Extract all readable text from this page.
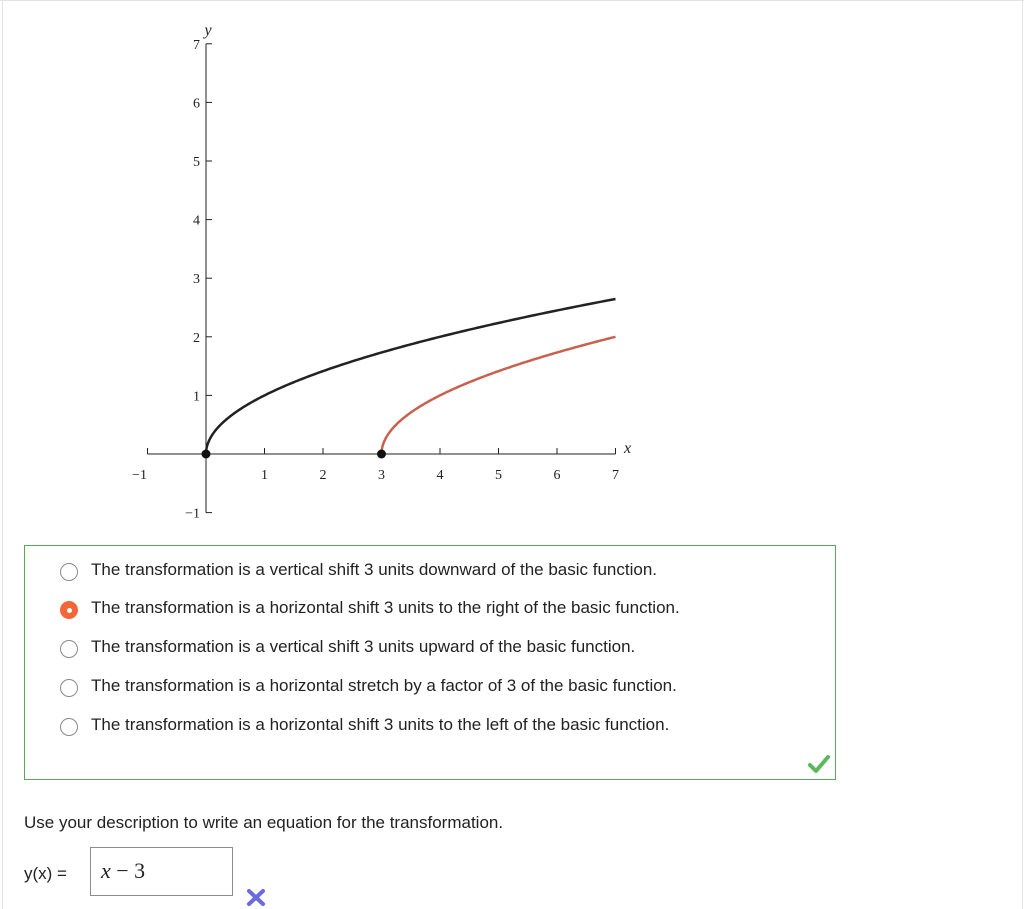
−1	1	2	3	4	5	6	7
−1
1
2
3
4
5
6
7
x
y
The transformation is a vertical shift 3 units downward of the basic function.
The transformation is a horizontal shift 3 units to the right of the basic function.
The transformation is a vertical shift 3 units upward of the basic function.
The transformation is a horizontal stretch by a factor of 3 of the basic function.
The transformation is a horizontal shift 3 units to the left of the basic function.
Use your description to write an equation for the transformation.
y(x) = x − 3
